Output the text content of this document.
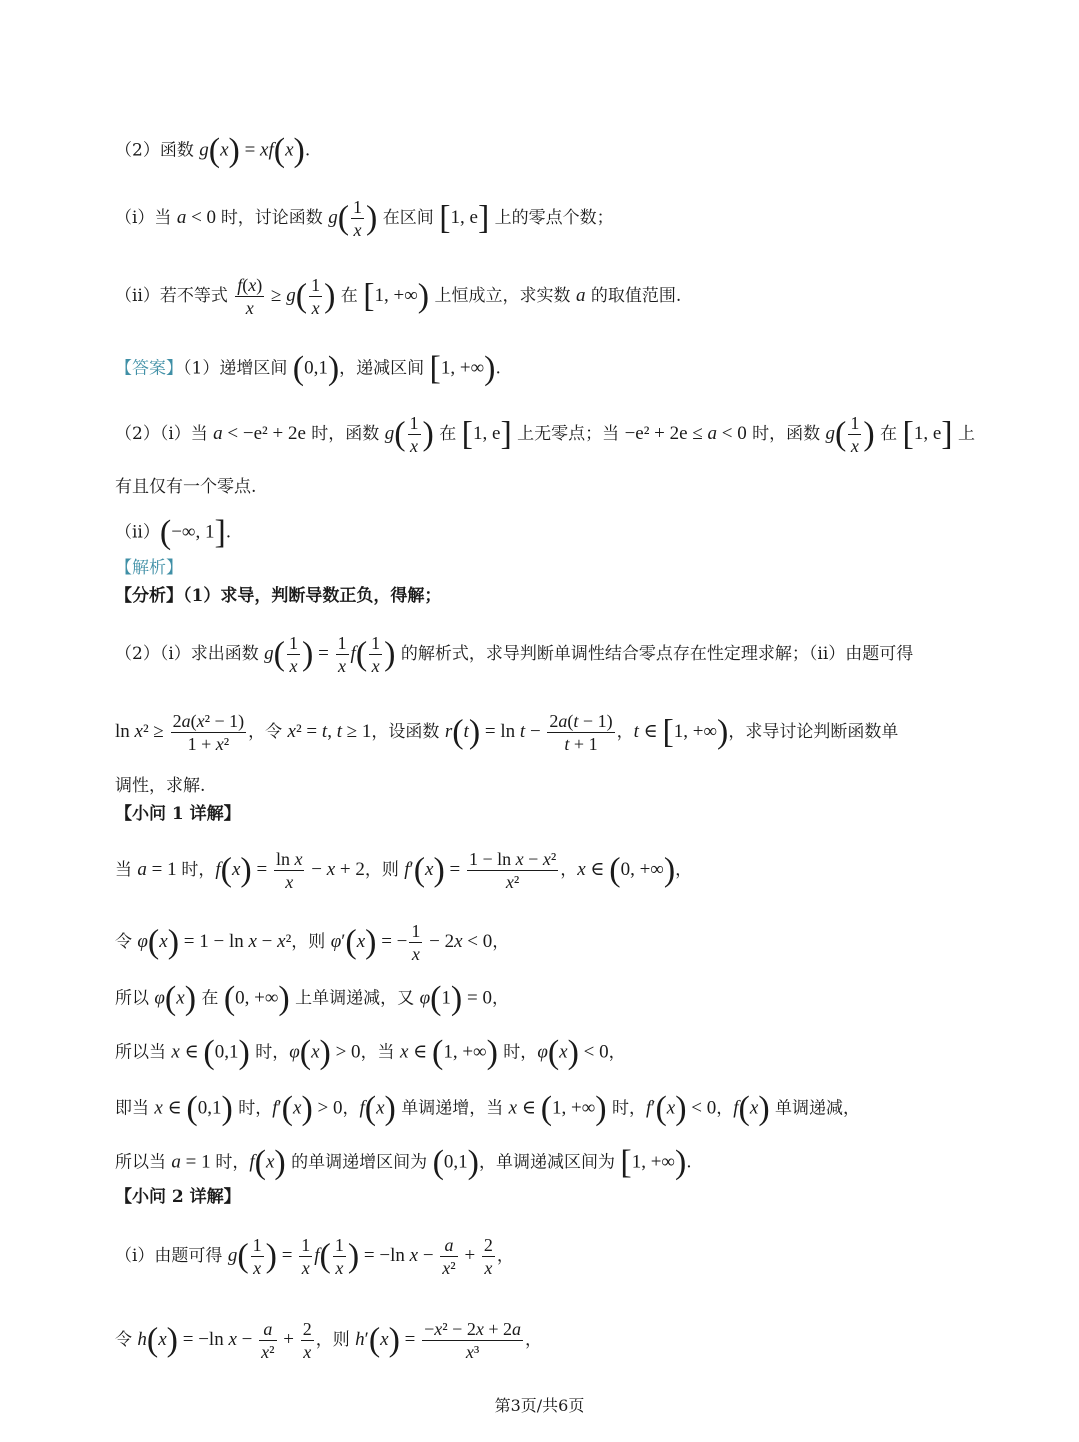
（2）函数 g(x) = xf(x).
（ⅰ）当 a < 0 时，讨论函数 $g( \frac{1}{x}$ ) 在区间 [1, e] 上的零点个数；
（ⅱ）若不等式 $\frac{f(x)}{x} \ge g( \frac{1}{x}$ ) 在 [1, +∞) 上恒成立，求实数 a 的取值范围.
【答案】（1）递增区间 (0,1)，递减区间 [1, +∞).
（2）（i）当 a < −e² + 2e 时，函数 $g( \frac{1}{x}$ ) 在 [1, e] 上无零点；当 −e² + 2e ≤ a < 0 时，函数 $g( \frac{1}{x}$ ) 在 [1, e] 上
有且仅有一个零点.
（ii）(−∞, 1].
【解析】
【分析】（1）求导，判断导数正负，得解；
（2）（i）求出函数 $g( \frac{1}{x}$ ) = $\frac{1}{x} f( \frac{1}{x}$ ) 的解析式，求导判断单调性结合零点存在性定理求解；（ii）由题可得
$\ln x^2 \ge \frac{\text{2a(x² − 1)}}{\text{1 + x²}}$ ，令 x² = t, t ≥ 1，设函数 $r(t) = \ln t - \frac{2a(t - 1)}{t + 1}$ ，t ∈ [1, +∞)，求导讨论判断函数单
调性，求解.
【小问 1 详解】
当 a = 1 时，$f(x) = \frac{\text{ln x}}{x} - x + 2$，则 $f'(x) = \frac{\text{1 − ln x − x²}}{\text{x²}}$ ，x ∈ (0, +∞)，
令 φ(x) = 1 − ln x − x²，则 φ′(x) = − $\frac{1}{x} - 2x < 0$，
所以 φ(x) 在 (0, +∞) 上单调递减，又 φ(1) = 0，
所以当 x ∈ (0,1) 时，φ(x) > 0，当 x ∈ (1, +∞) 时，φ(x) < 0，
即当 x ∈ (0,1) 时，f′(x) > 0，f(x) 单调递增，当 x ∈ (1, +∞) 时，f′(x) < 0，f(x) 单调递减，
所以当 a = 1 时，f(x) 的单调递增区间为 (0,1)，单调递减区间为 [1, +∞).
【小问 2 详解】
（i）由题可得 $g( \frac{1}{x}$ ) = $\frac{1}{x} f( \frac{1}{x}$ ) = −ln $x - \frac{a}{\text{x²}} + \frac{2}{x}$ ，
令 h(x) = −ln $x - \frac{a}{\text{x²}} + \frac{2}{x}$ ，则 $h'(x) = \frac{\text{−x² − 2x + 2a}}{\text{x³}}$ ，
第3页/共6页
